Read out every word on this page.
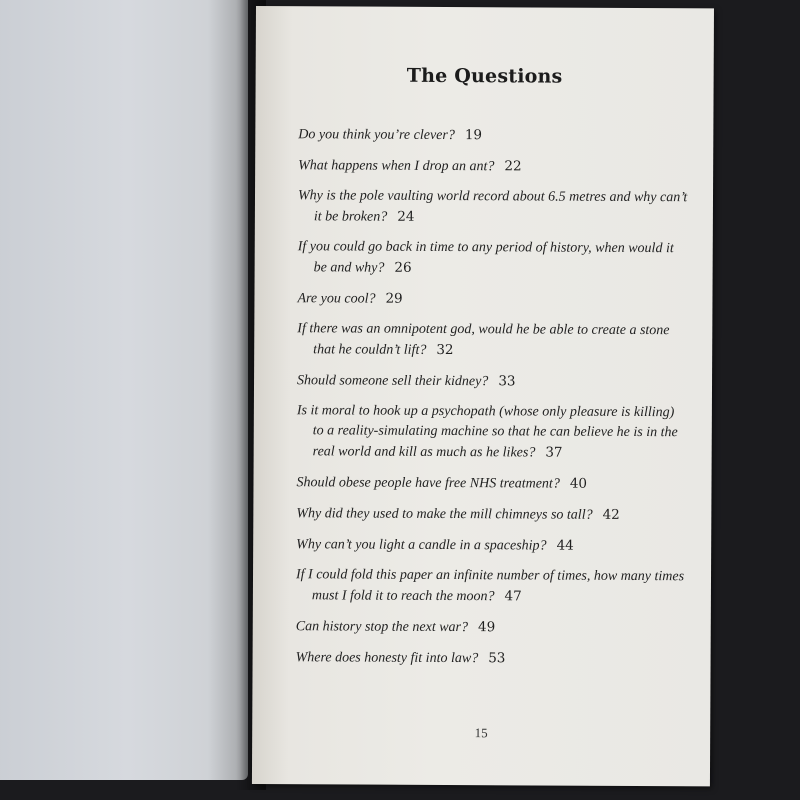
The Questions
Do you think you’re clever? 19
What happens when I drop an ant? 22
Why is the pole vaulting world record about 6.5 metres and why can’t it be broken? 24
If you could go back in time to any period of history, when would it be and why? 26
Are you cool? 29
If there was an omnipotent god, would he be able to create a stone that he couldn’t lift? 32
Should someone sell their kidney? 33
Is it moral to hook up a psychopath (whose only pleasure is killing) to a reality-simulating machine so that he can believe he is in the real world and kill as much as he likes? 37
Should obese people have free NHS treatment? 40
Why did they used to make the mill chimneys so tall? 42
Why can’t you light a candle in a spaceship? 44
If I could fold this paper an infinite number of times, how many times must I fold it to reach the moon? 47
Can history stop the next war? 49
Where does honesty fit into law? 53
15
